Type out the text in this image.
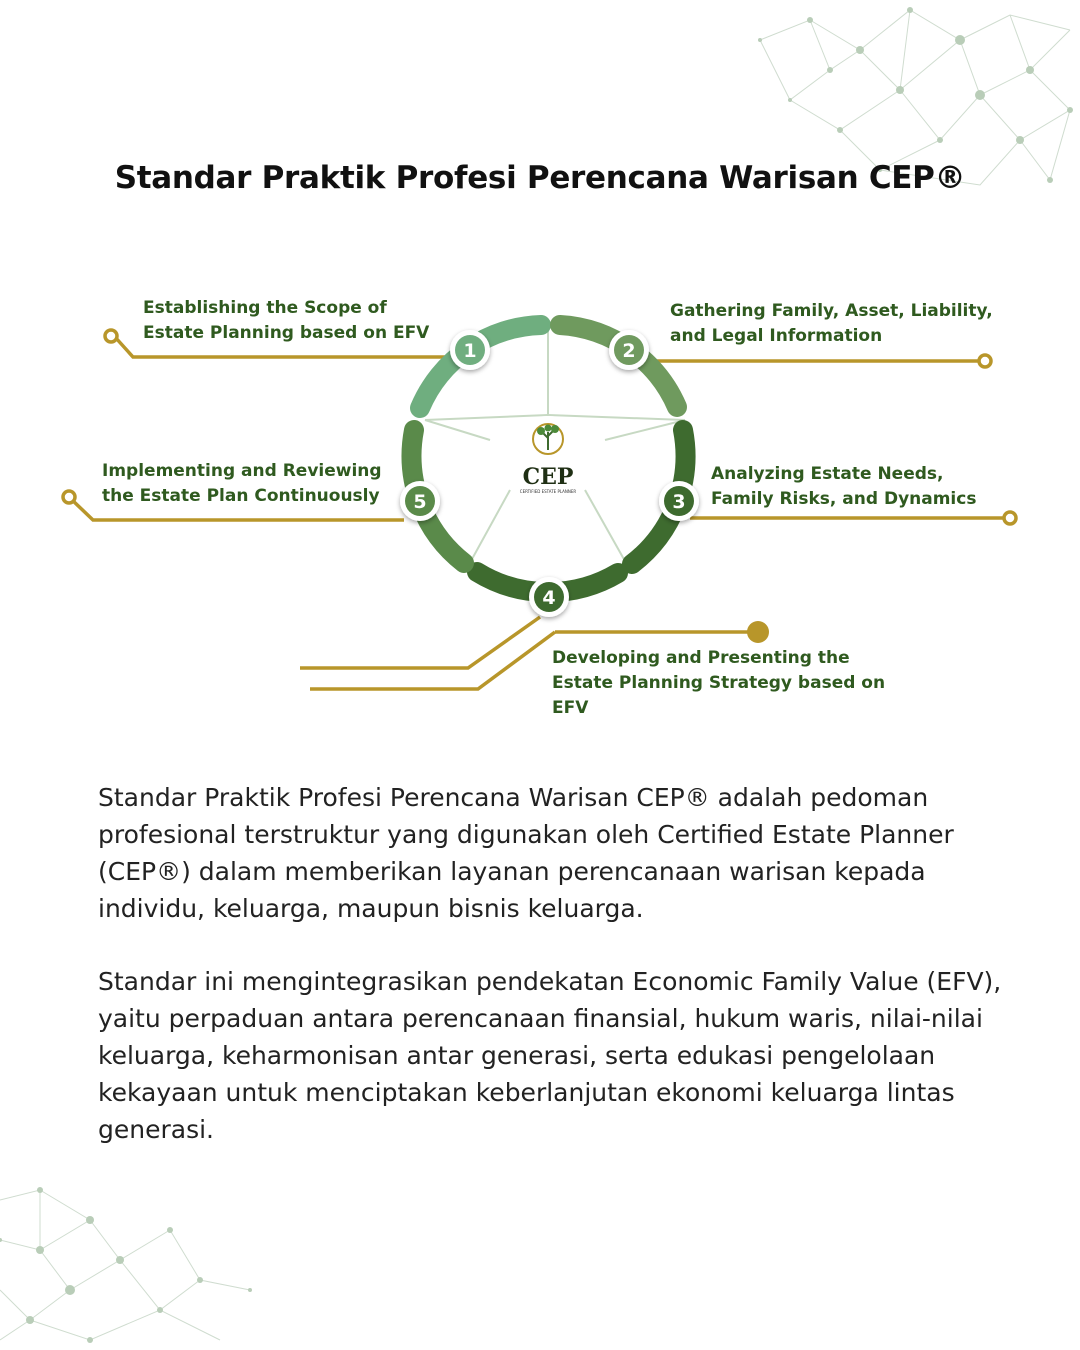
Standar Praktik Profesi Perencana Warisan CEP®
CEP
CERTIFIED ESTATE PLANNER
1	2
3
4
5

Establishing the Scope of Estate Planning based on EFV

Gathering Family, Asset, Liability, and Legal Information

Analyzing Estate Needs, Family Risks, and Dynamics

Developing and Presenting the Estate Planning Strategy based on EFV

Implementing and Reviewing the Estate Plan Continuously

Standar Praktik Profesi Perencana Warisan CEP® adalah pedoman profesional terstruktur yang digunakan oleh Certified Estate Planner (CEP®) dalam memberikan layanan perencanaan warisan kepada individu, keluarga, maupun bisnis keluarga.

Standar ini mengintegrasikan pendekatan Economic Family Value (EFV), yaitu perpaduan antara perencanaan finansial, hukum waris, nilai-nilai keluarga, keharmonisan antar generasi, serta edukasi pengelolaan kekayaan untuk menciptakan keberlanjutan ekonomi keluarga lintas generasi.
